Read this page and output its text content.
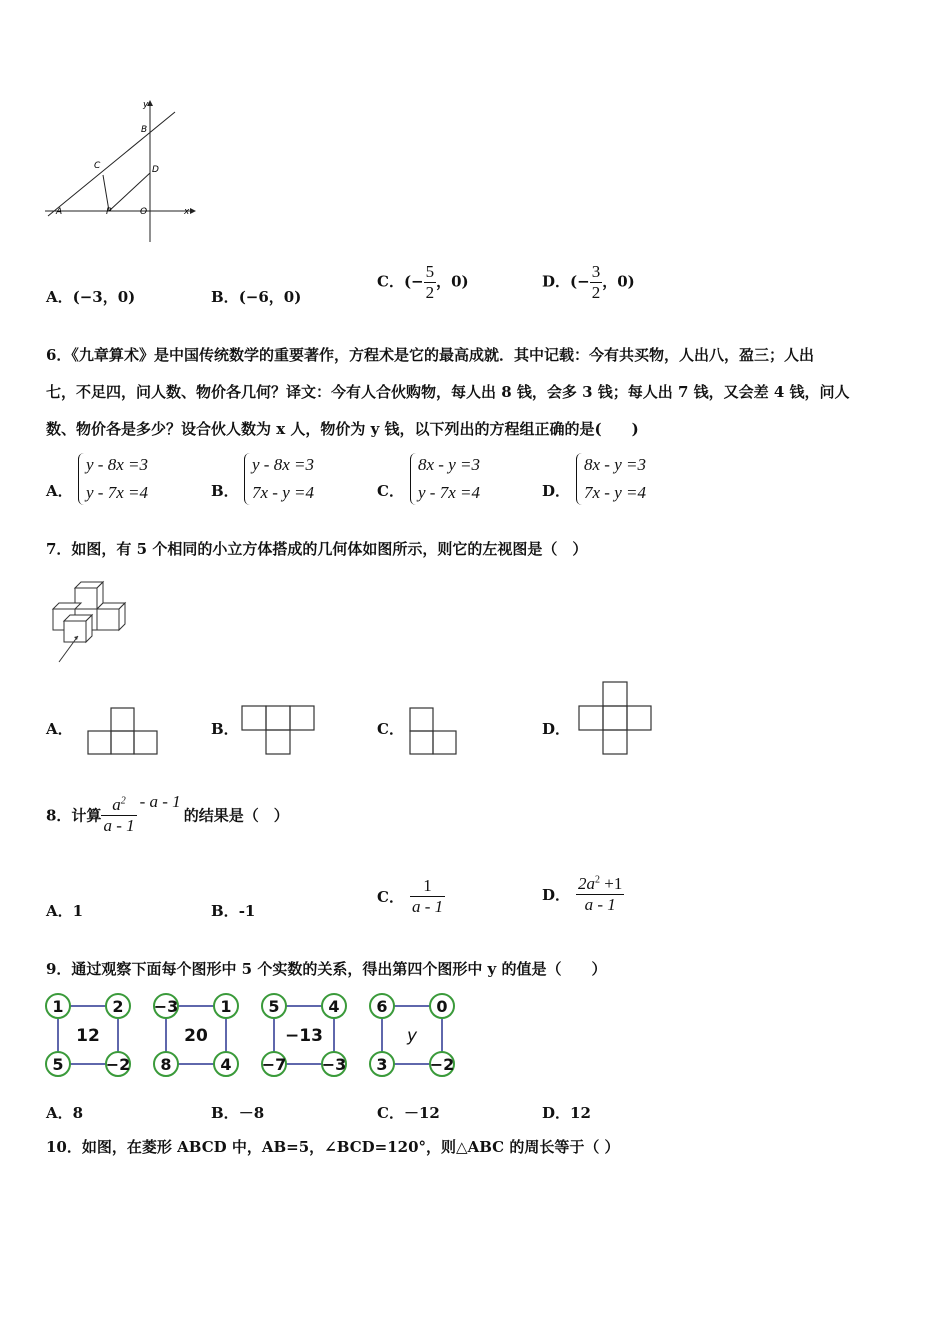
y
B
C	D
A	P	O	x
A．(−3，0)	B．(−6，0)
C．(− $\frac{5}{2}$ ，0)	D．(− $\frac{3}{2}$ ，0)
6．《九章算术》是中国传统数学的重要著作，方程术是它的最高成就．其中记载：今有共买物，人出八，盈三；人出
七，不足四，问人数、物价各几何？译文：今有人合伙购物，每人出 8 钱，会多 3 钱；每人出 7 钱，又会差 4 钱，问人
数、物价各是多少？设合伙人数为 x 人，物价为 y 钱，以下列出的方程组正确的是(　　)
A．
y - 8x =3
y - 7x =4	B．
y - 8x =3
7x - y =4	C．
8x - y =3
y - 7x =4	D．
8x - y =3
7x - y =4
7．如图，有 5 个相同的小立方体搭成的几何体如图所示，则它的左视图是（　）
A．	B．	C．	D．
8．计算 $\frac{a^2}{a - 1}$ - a - 1的结果是（　）
A．1	B．-1
C． $\frac{1}{a - 1}$	D． $\frac{2a^2 +1}{a - 1}$
9．通过观察下面每个图形中 5 个实数的关系，得出第四个图形中 y 的值是（　　）
1	2
5	−2
12
−3	1
8	4
20
5	4
−7 −3
−13
6	0
3	−2
y
A．8	B．－8	C．－12	D．12
10．如图，在菱形 ABCD 中，AB=5，∠BCD=120°，则△ABC 的周长等于（ ）
